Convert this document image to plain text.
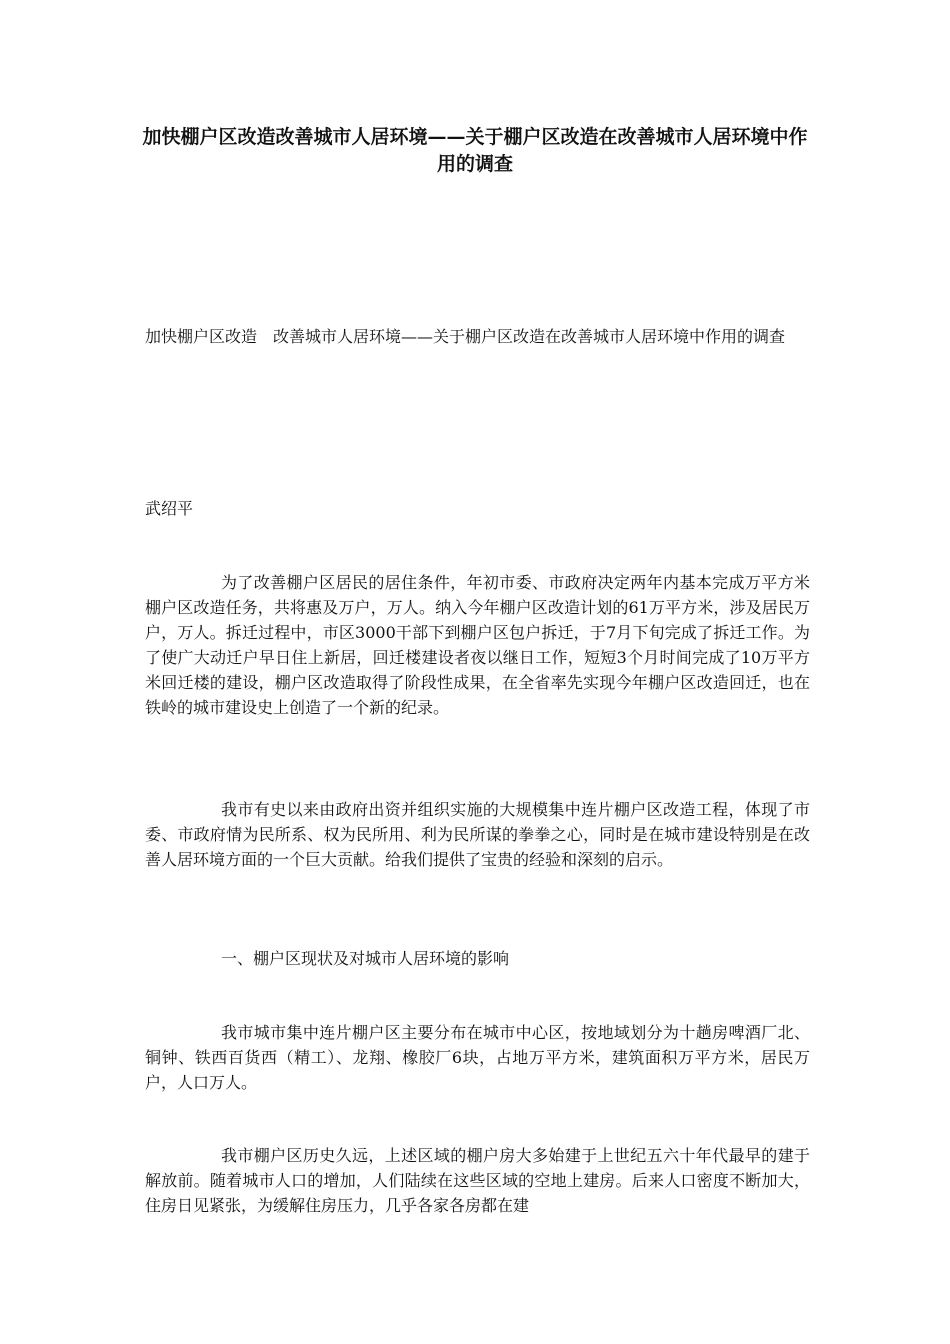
加快棚户区改造改善城市人居环境——关于棚户区改造在改善城市人居环境中作用的调查

加快棚户区改造　改善城市人居环境——关于棚户区改造在改善城市人居环境中作用的调查

武绍平

为了改善棚户区居民的居住条件，年初市委、市政府决定两年内基本完成万平方米棚户区改造任务，共将惠及万户，万人。纳入今年棚户区改造计划的61万平方米，涉及居民万户，万人。拆迁过程中，市区3000干部下到棚户区包户拆迁，于7月下旬完成了拆迁工作。为了使广大动迁户早日住上新居，回迁楼建设者夜以继日工作，短短3个月时间完成了10万平方米回迁楼的建设，棚户区改造取得了阶段性成果，在全省率先实现今年棚户区改造回迁，也在铁岭的城市建设史上创造了一个新的纪录。

我市有史以来由政府出资并组织实施的大规模集中连片棚户区改造工程，体现了市委、市政府情为民所系、权为民所用、利为民所谋的拳拳之心，同时是在城市建设特别是在改善人居环境方面的一个巨大贡献。给我们提供了宝贵的经验和深刻的启示。

一、棚户区现状及对城市人居环境的影响

我市城市集中连片棚户区主要分布在城市中心区，按地域划分为十趟房啤酒厂北、铜钟、铁西百货西（精工）、龙翔、橡胶厂6块，占地万平方米，建筑面积万平方米，居民万户，人口万人。

我市棚户区历史久远，上述区域的棚户房大多始建于上世纪五六十年代最早的建于解放前。随着城市人口的增加，人们陆续在这些区域的空地上建房。后来人口密度不断加大，住房日见紧张，为缓解住房压力，几乎各家各房都在建
